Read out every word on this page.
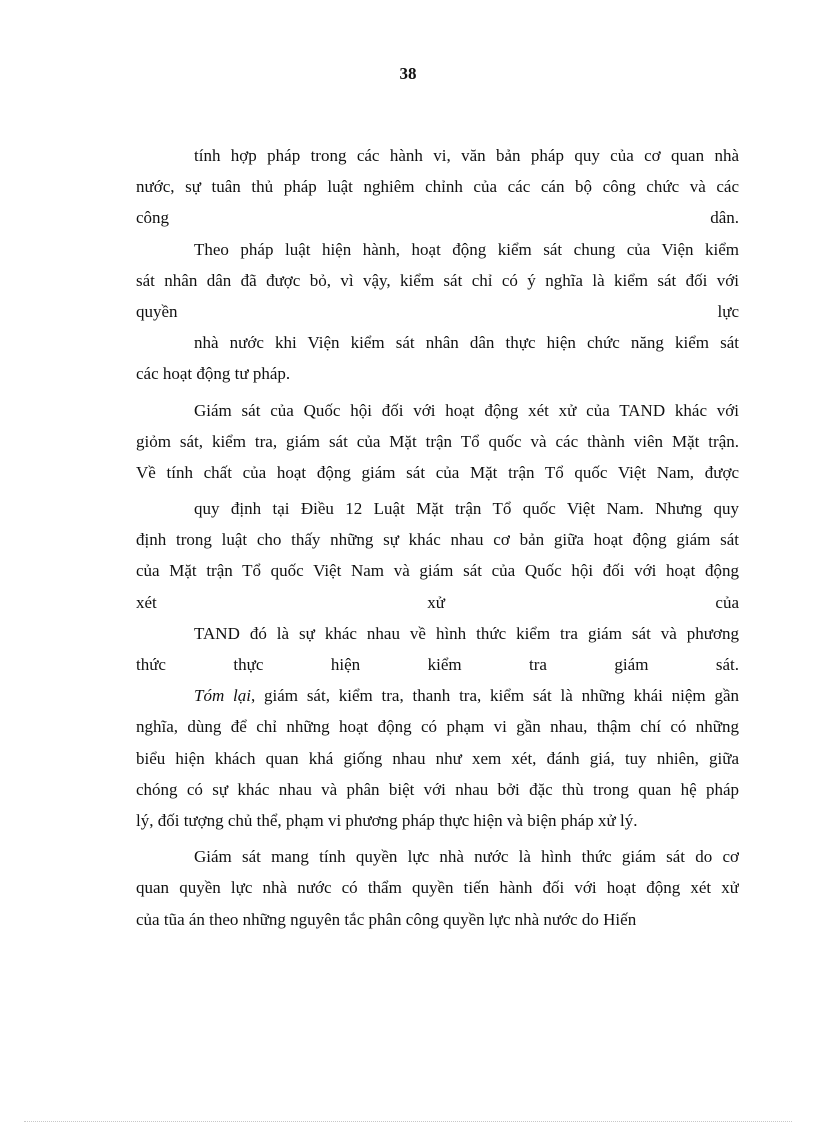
38
tính hợp pháp trong các hành vi, văn bản pháp quy của cơ quan nhà
nước, sự tuân thủ pháp luật nghiêm chỉnh của các cán bộ công chức và các
công dân.
Theo pháp luật hiện hành, hoạt động kiểm sát chung của Viện kiểm
sát nhân dân đã được bỏ, vì vậy, kiểm sát chỉ có ý nghĩa là kiểm sát đối với
quyền lực
nhà nước khi Viện kiểm sát nhân dân thực hiện chức năng kiểm sát
các hoạt động tư pháp.
Giám sát của Quốc hội đối với hoạt động xét xử của TAND khác với
giỏm sát, kiểm tra, giám sát của Mặt trận Tổ quốc và các thành viên Mặt trận.
Về tính chất của hoạt động giám sát của Mặt trận Tổ quốc Việt Nam, được
quy định tại Điều 12 Luật Mặt trận Tổ quốc Việt Nam. Nhưng quy
định trong luật cho thấy những sự khác nhau cơ bản giữa hoạt động giám sát
của Mặt trận Tổ quốc Việt Nam và giám sát của Quốc hội đối với hoạt động
xét xử của
TAND đó là sự khác nhau về hình thức kiểm tra giám sát và phương
thức thực hiện kiểm tra giám sát.
Tóm lại, giám sát, kiểm tra, thanh tra, kiểm sát là những khái niệm gần
nghĩa, dùng để chỉ những hoạt động có phạm vi gần nhau, thậm chí có những
biểu hiện khách quan khá giống nhau như xem xét, đánh giá, tuy nhiên, giữa
chóng có sự khác nhau và phân biệt với nhau bởi đặc thù trong quan hệ pháp
lý, đối tượng chủ thể, phạm vi phương pháp thực hiện và biện pháp xử lý.
Giám sát mang tính quyền lực nhà nước là hình thức giám sát do cơ
quan quyền lực nhà nước có thẩm quyền tiến hành đối với hoạt động xét xử
của tũa án theo những nguyên tắc phân công quyền lực nhà nước do Hiến
